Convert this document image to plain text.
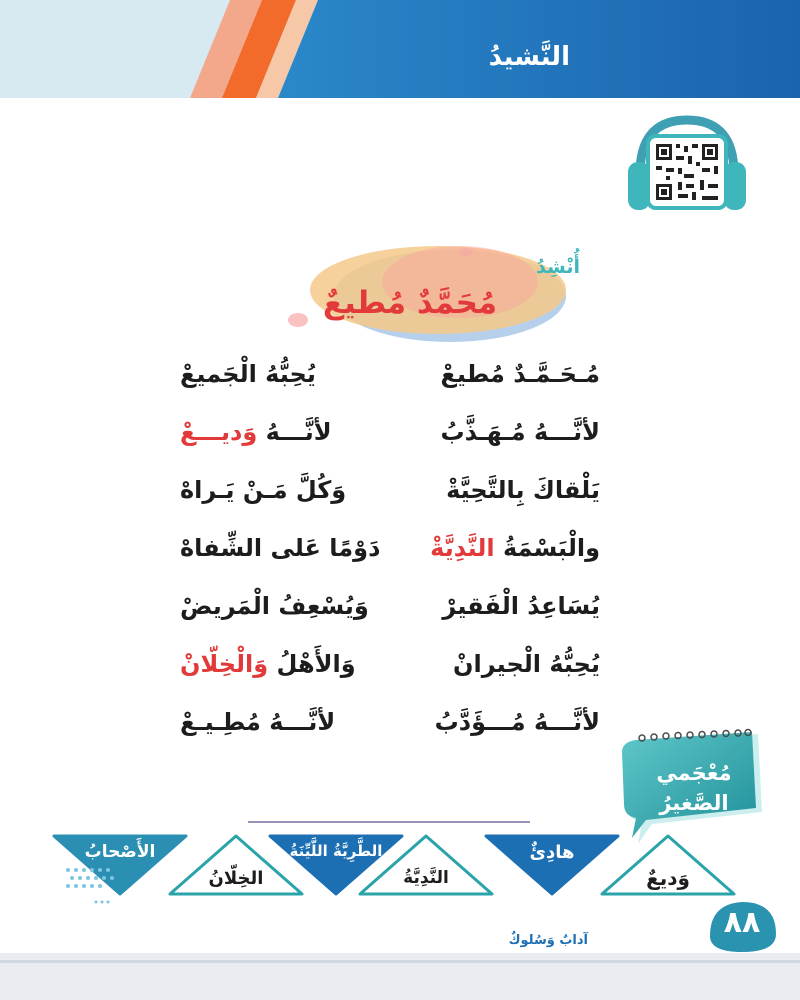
النَّشيدُ
أُنْشِدُ
مُحَمَّدٌ مُطيعٌ
مُـحَـمَّـدٌ مُطيعْ
يُحِبُّهُ الْجَميعْ
لأنَّـــهُ مُـهَـذَّبُ
لأنَّـــهُ وَديـــعْ
يَلْقاكَ بِالتَّحِيَّةْ
وَكُلَّ مَـنْ يَـراهْ
والْبَسْمَةُ النَّدِيَّةْ
دَوْمًا عَلى الشِّفاهْ
يُسَاعِدُ الْفَقيرْ
وَيُسْعِفُ الْمَريضْ
يُحِبُّهُ الْجيرانْ
وَالأَهْلُ وَالْخِلّانْ
لأنَّـــهُ مُـــؤَدَّبُ
لأنَّـــهُ مُطِـيـعْ
مُعْجَمي
الصَّغيرُ
وَديعٌ
هادِئٌ
النَّدِيَّةُ
الطَّرِيَّةُ اللَّيِّنَةُ
الخِلّانُ
الأَصْحابُ
٨٨
آدابٌ وَسُلوكٌ
